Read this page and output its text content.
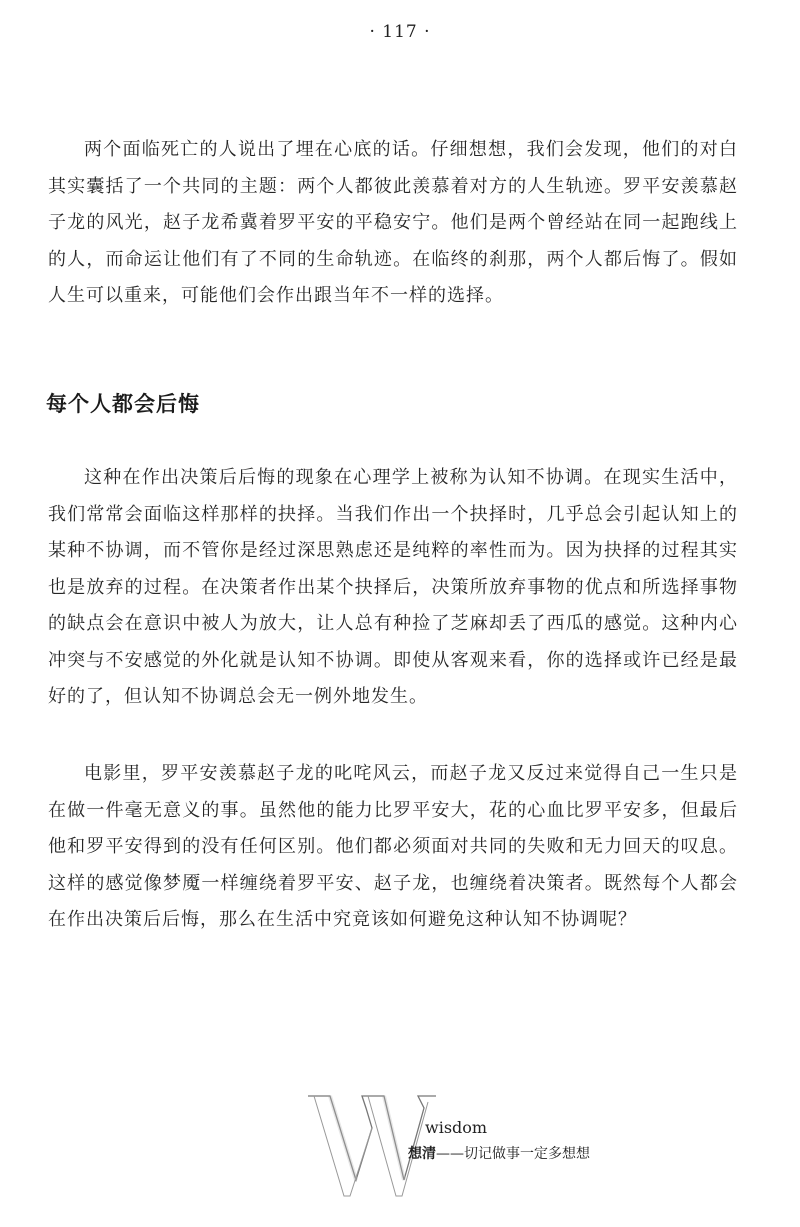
· 117 ·

两个面临死亡的人说出了埋在心底的话。仔细想想，我们会发现，他们的对白其实囊括了一个共同的主题：两个人都彼此羡慕着对方的人生轨迹。罗平安羡慕赵子龙的风光，赵子龙希冀着罗平安的平稳安宁。他们是两个曾经站在同一起跑线上的人，而命运让他们有了不同的生命轨迹。在临终的刹那，两个人都后悔了。假如人生可以重来，可能他们会作出跟当年不一样的选择。

每个人都会后悔

这种在作出决策后后悔的现象在心理学上被称为认知不协调。在现实生活中，我们常常会面临这样那样的抉择。当我们作出一个抉择时，几乎总会引起认知上的某种不协调，而不管你是经过深思熟虑还是纯粹的率性而为。因为抉择的过程其实也是放弃的过程。在决策者作出某个抉择后，决策所放弃事物的优点和所选择事物的缺点会在意识中被人为放大，让人总有种捡了芝麻却丢了西瓜的感觉。这种内心冲突与不安感觉的外化就是认知不协调。即使从客观来看，你的选择或许已经是最好的了，但认知不协调总会无一例外地发生。

电影里，罗平安羡慕赵子龙的叱咤风云，而赵子龙又反过来觉得自己一生只是在做一件毫无意义的事。虽然他的能力比罗平安大，花的心血比罗平安多，但最后他和罗平安得到的没有任何区别。他们都必须面对共同的失败和无力回天的叹息。这样的感觉像梦魇一样缠绕着罗平安、赵子龙，也缠绕着决策者。既然每个人都会在作出决策后后悔，那么在生活中究竟该如何避免这种认知不协调呢？

wisdom

想清——切记做事一定多想想
